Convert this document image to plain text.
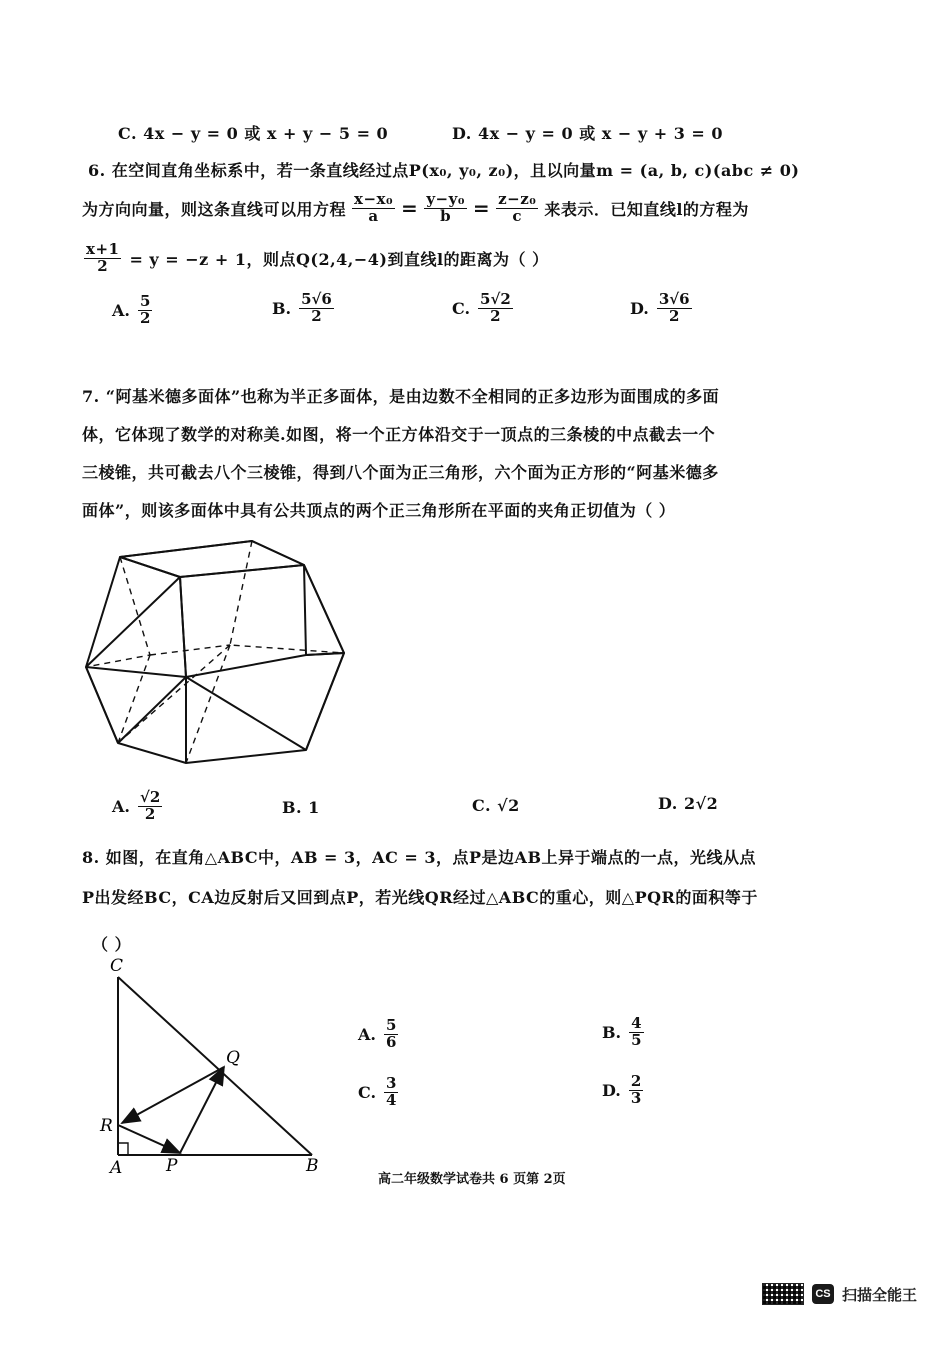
C. 4x − y = 0 或 x + y − 5 = 0	D. 4x − y = 0 或 x − y + 3 = 0
6. 在空间直角坐标系中，若一条直线经过点P(x₀, y₀, z₀)，且以向量m = (a, b, c)(abc ≠ 0)
为方向向量，则这条直线可以用方程 $\frac{\text{x−x₀}}{a} = \frac{\text{y−y₀}}{b} = \frac{\text{z−z₀}}{c}$ 来表示．已知直线l的方程为
$\frac{x+1}{2} = y = -z + 1$，则点Q(2,4,−4)到直线l的距离为（ ）
A. $\frac{5}{2}$	B. $\frac{5√6}{2}$	C. $\frac{5√2}{2}$	D. $\frac{3√6}{2}$
7. “阿基米德多面体”也称为半正多面体，是由边数不全相同的正多边形为面围成的多面
体，它体现了数学的对称美.如图，将一个正方体沿交于一顶点的三条棱的中点截去一个
三棱锥，共可截去八个三棱锥，得到八个面为正三角形，六个面为正方形的“阿基米德多
面体”，则该多面体中具有公共顶点的两个正三角形所在平面的夹角正切值为（ ）
A. $\frac{√2}{2}$	B. 1	C. √2	D. 2√2
8. 如图，在直角△ABC中，AB = 3，AC = 3，点P是边AB上异于端点的一点，光线从点
P出发经BC，CA边反射后又回到点P，若光线QR经过△ABC的重心，则△PQR的面积等于
（ ）
C
Q
R
A	P	B
A. $\frac{5}{6}$	B. $\frac{4}{5}$
C. $\frac{3}{4}$	D. $\frac{2}{3}$
高二年级数学试卷共 6 页第 2页
CS 扫描全能王
